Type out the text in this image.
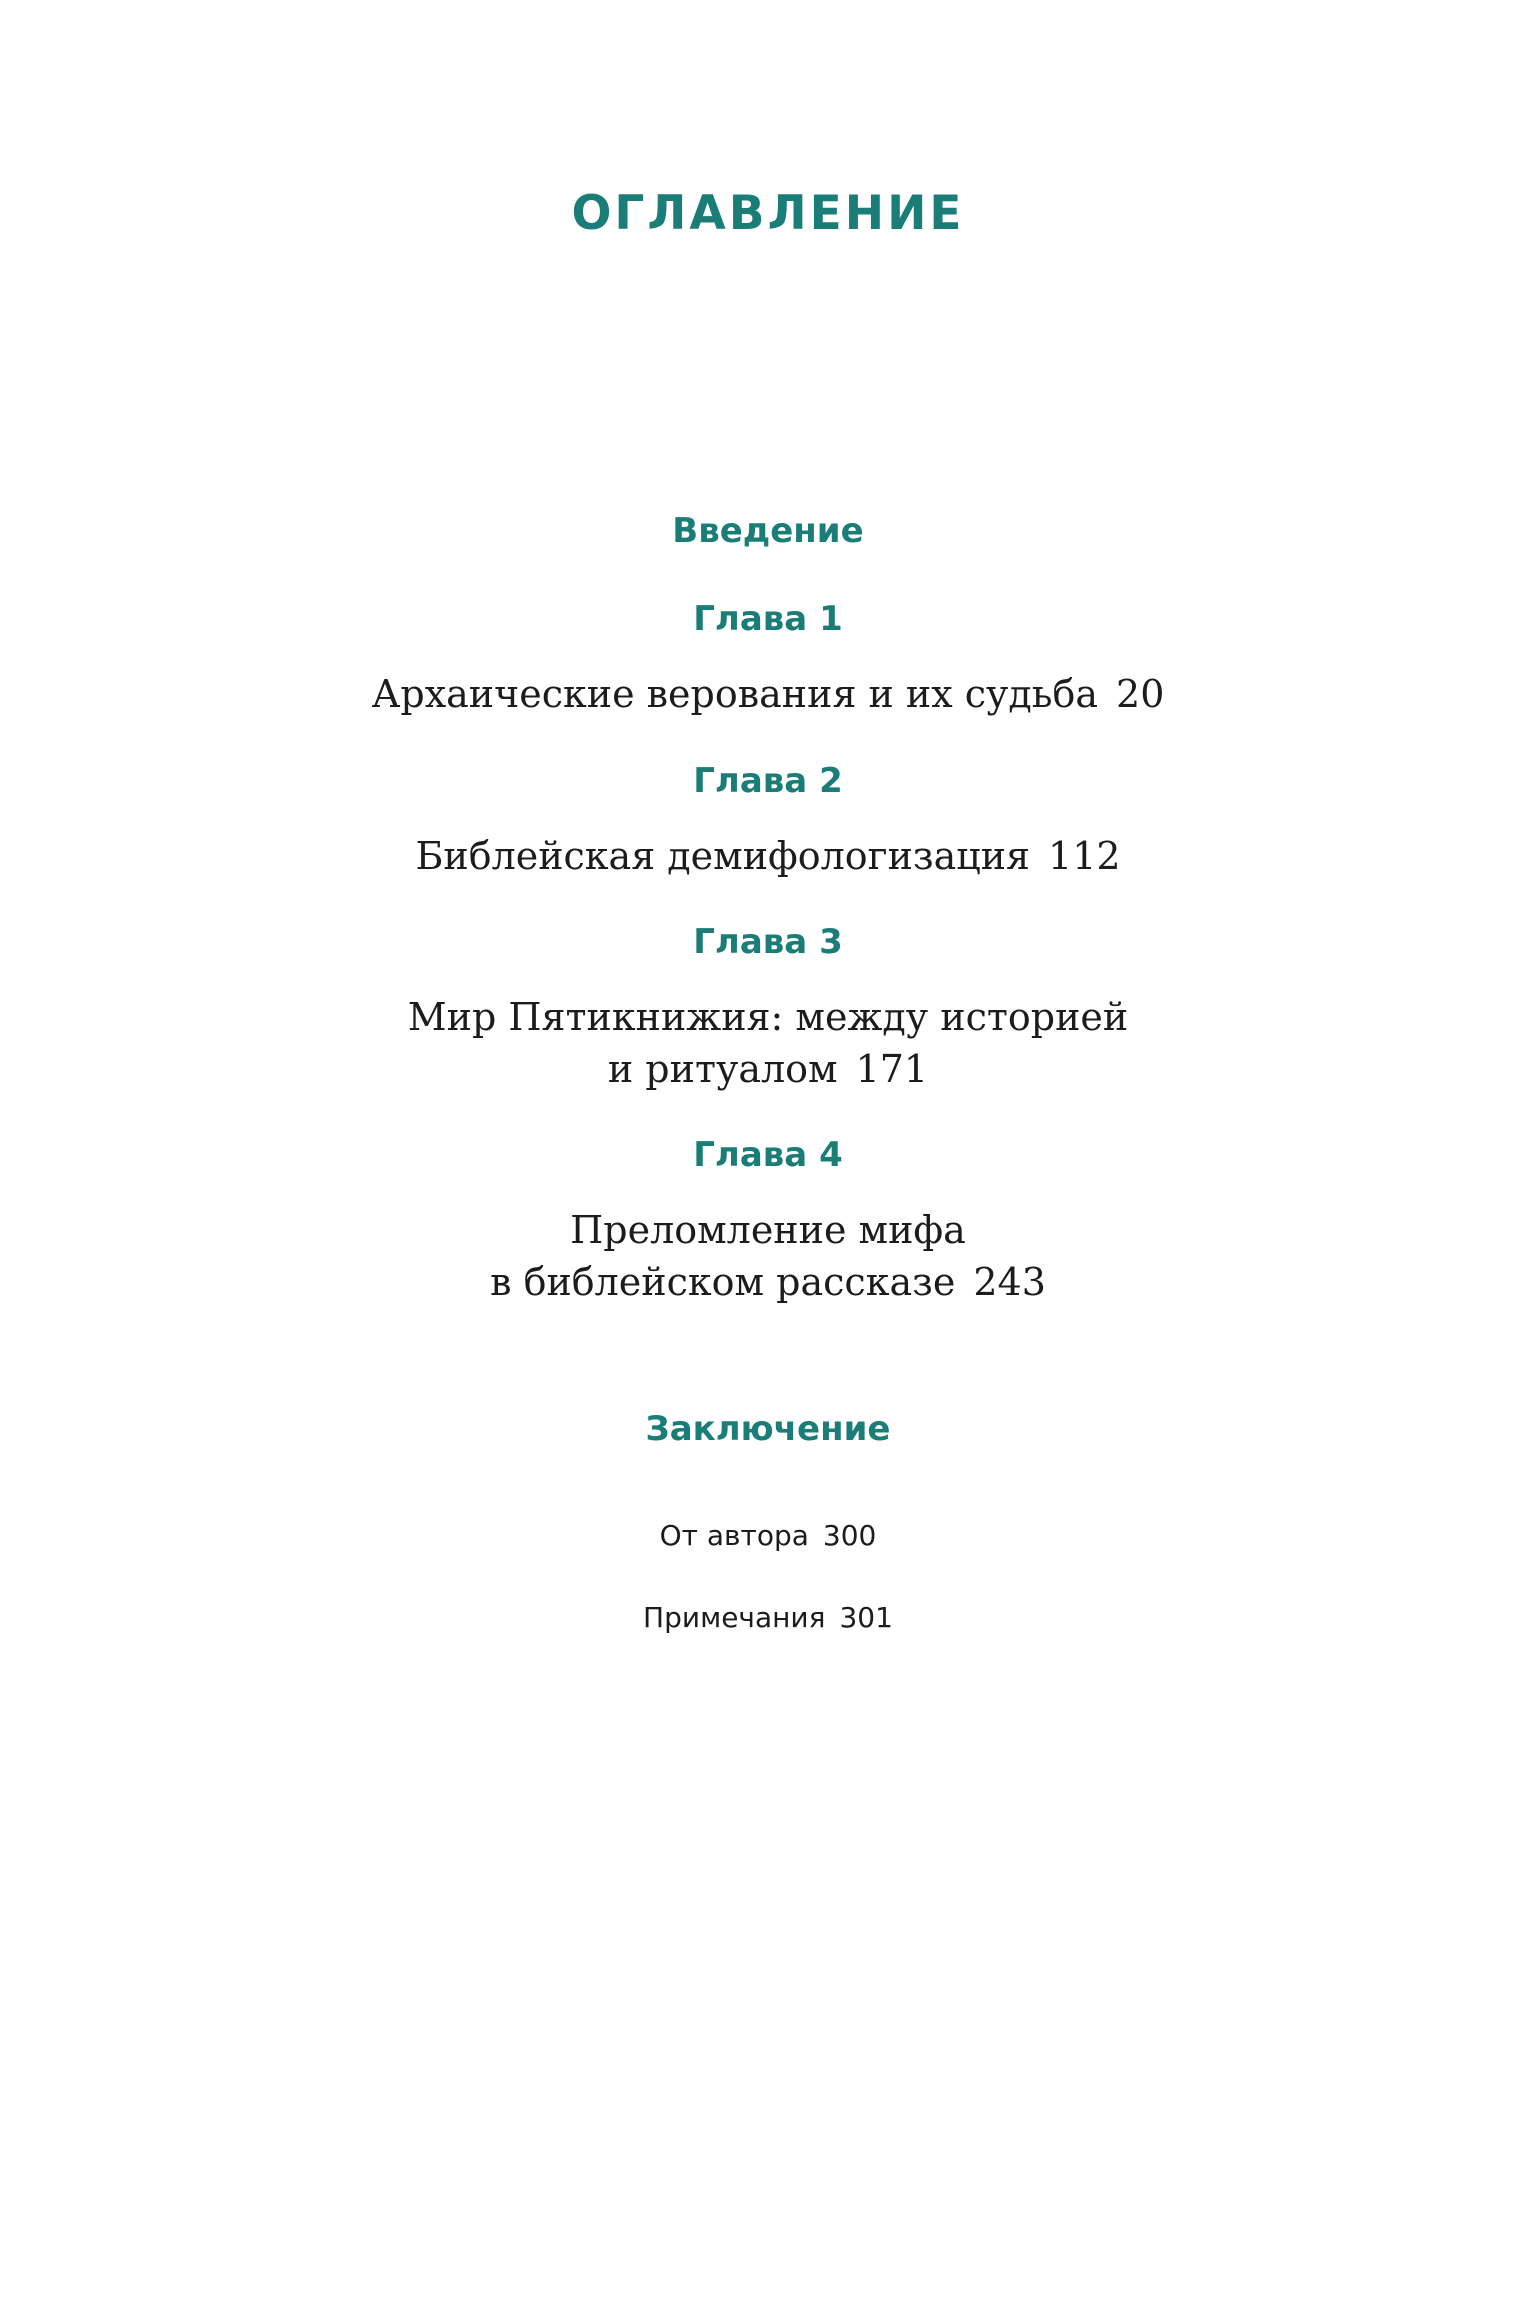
ОГЛАВЛЕНИЕ

Введение

Глава 1

Архаические верования и их судьба 20

Глава 2

Библейская демифологизация 112

Глава 3

Мир Пятикнижия: между историей
и ритуалом 171

Глава 4

Преломление мифа
в библейском рассказе 243

Заключение

От автора 300

Примечания 301
